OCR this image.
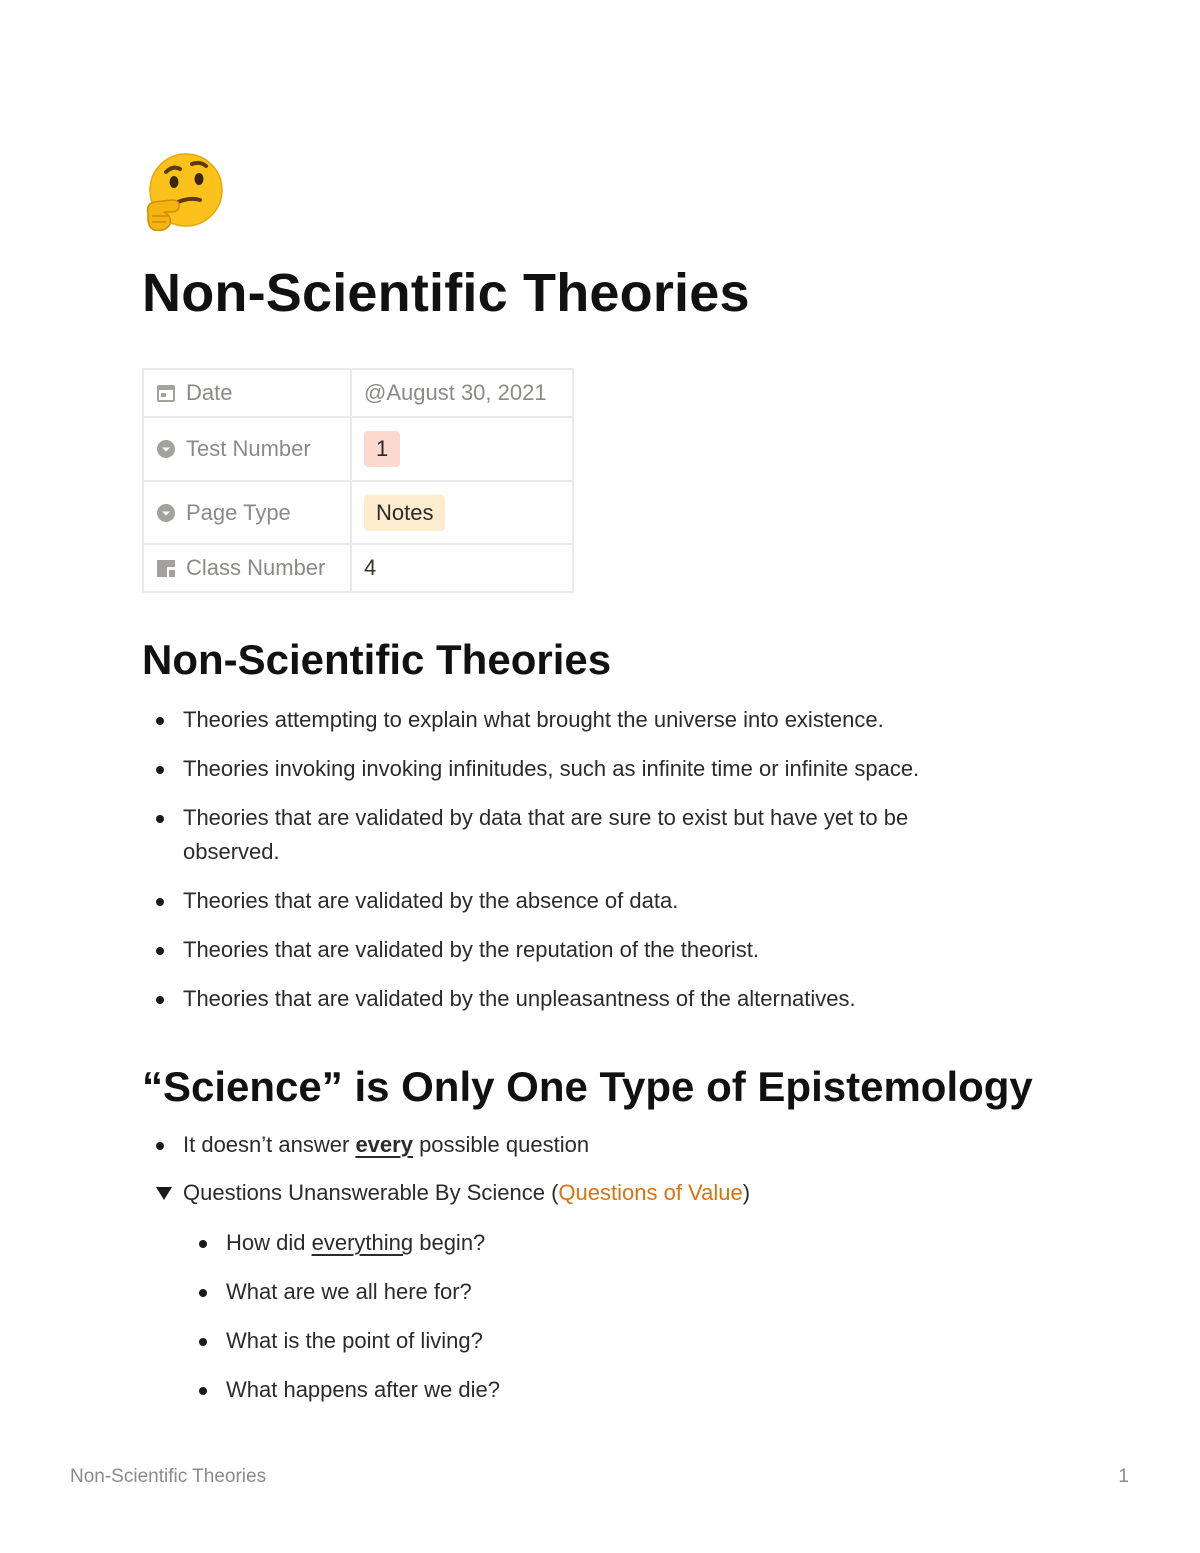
Non-Scientific Theories
Date	@August 30, 2021
Test Number	1
Page Type	Notes
Class Number	4
Non-Scientific Theories
Theories attempting to explain what brought the universe into existence.
Theories invoking invoking infinitudes, such as infinite time or infinite space.
Theories that are validated by data that are sure to exist but have yet to be observed.
Theories that are validated by the absence of data.
Theories that are validated by the reputation of the theorist.
Theories that are validated by the unpleasantness of the alternatives.
“Science” is Only One Type of Epistemology
It doesn’t answer every possible question
Questions Unanswerable By Science (Questions of Value)
How did everything begin?
What are we all here for?
What is the point of living?
What happens after we die?
Non-Scientific Theories	1
